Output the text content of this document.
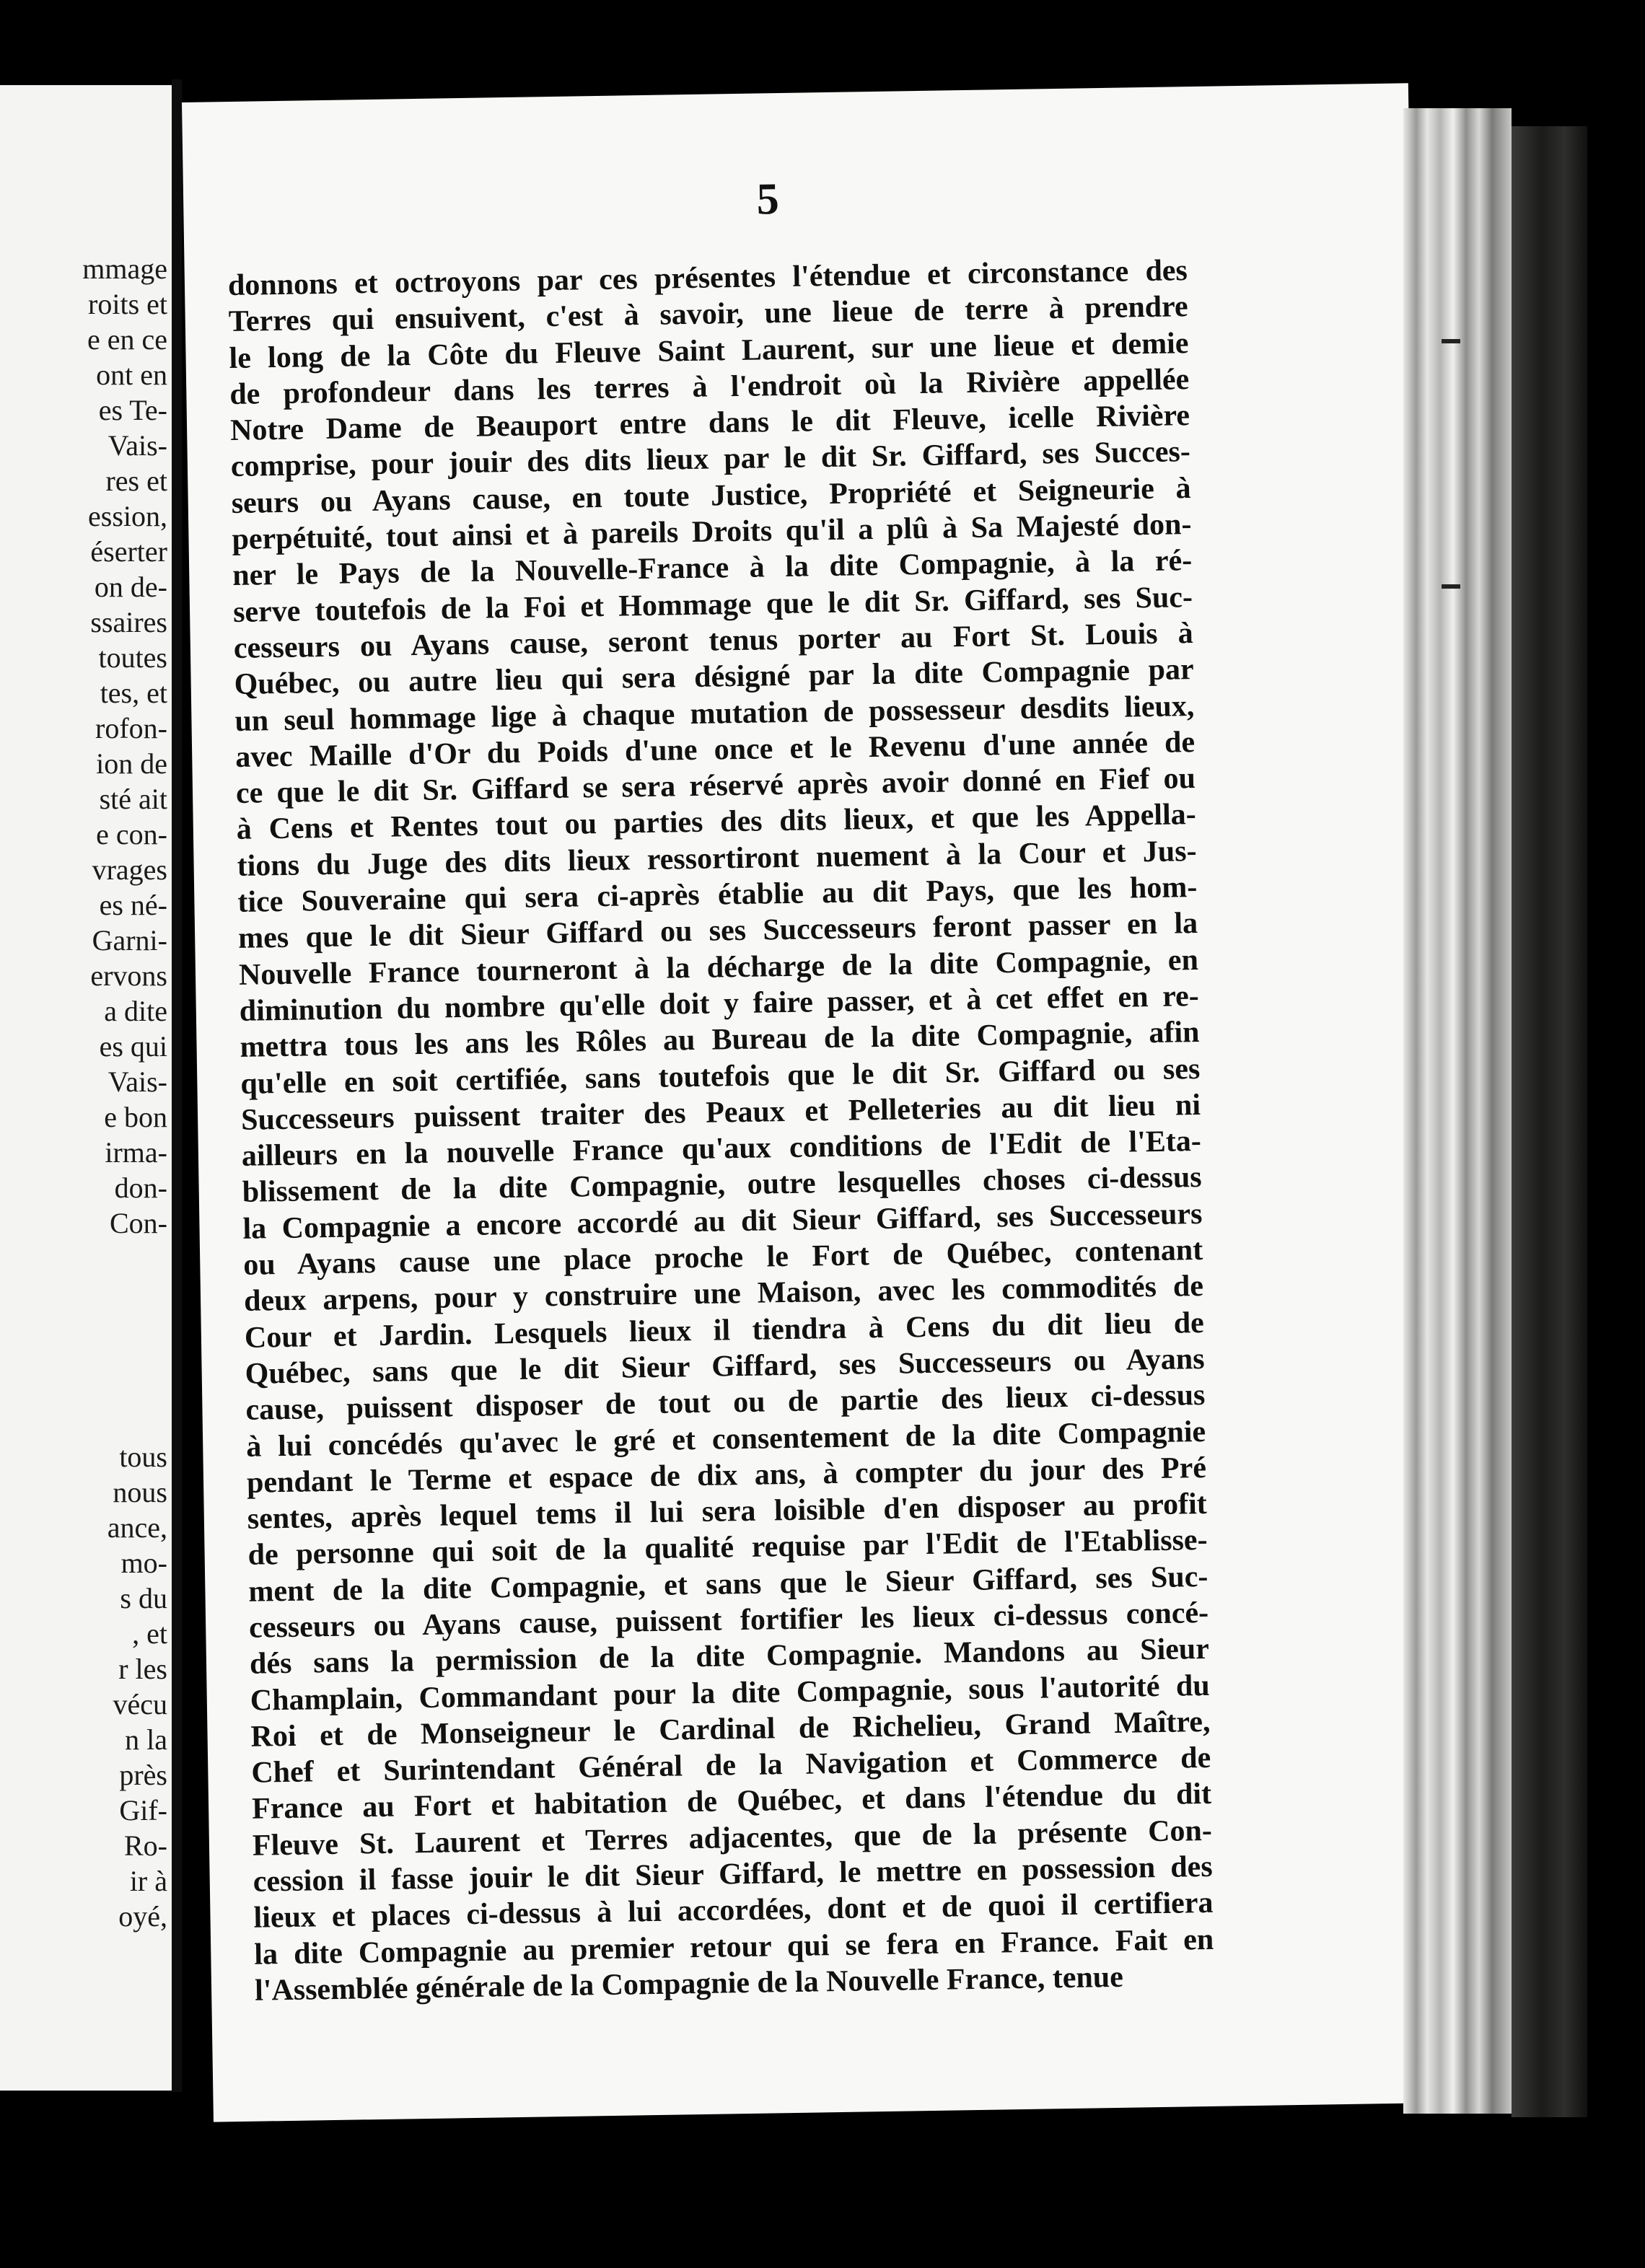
mmage
roits et
e en ce
ont en
es Te-
Vais-
res et
ession,
éserter
on de-
ssaires
toutes
tes, et
rofon-
ion de
sté ait
e con-
vrages
es né-
Garni-
ervons
a dite
es qui
Vais-
e bon
irma-
don-
Con-
tous
nous
ance,
mo-
s du
, et
r les
vécu
n la
près
Gif-
Ro-
ir à
oyé,
5
donnons et octroyons par ces présentes l'étendue et circonstance des
Terres qui ensuivent, c'est à savoir, une lieue de terre à prendre
le long de la Côte du Fleuve Saint Laurent, sur une lieue et demie
de profondeur dans les terres à l'endroit où la Rivière appellée
Notre Dame de Beauport entre dans le dit Fleuve, icelle Rivière
comprise, pour jouir des dits lieux par le dit Sr. Giffard, ses Succes-
seurs ou Ayans cause, en toute Justice, Propriété et Seigneurie à
perpétuité, tout ainsi et à pareils Droits qu'il a plû à Sa Majesté don-
ner le Pays de la Nouvelle-France à la dite Compagnie, à la ré-
serve toutefois de la Foi et Hommage que le dit Sr. Giffard, ses Suc-
cesseurs ou Ayans cause, seront tenus porter au Fort St. Louis à
Québec, ou autre lieu qui sera désigné par la dite Compagnie par
un seul hommage lige à chaque mutation de possesseur desdits lieux,
avec Maille d'Or du Poids d'une once et le Revenu d'une année de
ce que le dit Sr. Giffard se sera réservé après avoir donné en Fief ou
à Cens et Rentes tout ou parties des dits lieux, et que les Appella-
tions du Juge des dits lieux ressortiront nuement à la Cour et Jus-
tice Souveraine qui sera ci-après établie au dit Pays, que les hom-
mes que le dit Sieur Giffard ou ses Successeurs feront passer en la
Nouvelle France tourneront à la décharge de la dite Compagnie, en
diminution du nombre qu'elle doit y faire passer, et à cet effet en re-
mettra tous les ans les Rôles au Bureau de la dite Compagnie, afin
qu'elle en soit certifiée, sans toutefois que le dit Sr. Giffard ou ses
Successeurs puissent traiter des Peaux et Pelleteries au dit lieu ni
ailleurs en la nouvelle France qu'aux conditions de l'Edit de l'Eta-
blissement de la dite Compagnie, outre lesquelles choses ci-dessus
la Compagnie a encore accordé au dit Sieur Giffard, ses Successeurs
ou Ayans cause une place proche le Fort de Québec, contenant
deux arpens, pour y construire une Maison, avec les commodités de
Cour et Jardin. Lesquels lieux il tiendra à Cens du dit lieu de
Québec, sans que le dit Sieur Giffard, ses Successeurs ou Ayans
cause, puissent disposer de tout ou de partie des lieux ci-dessus
à lui concédés qu'avec le gré et consentement de la dite Compagnie
pendant le Terme et espace de dix ans, à compter du jour des Pré
sentes, après lequel tems il lui sera loisible d'en disposer au profit
de personne qui soit de la qualité requise par l'Edit de l'Etablisse-
ment de la dite Compagnie, et sans que le Sieur Giffard, ses Suc-
cesseurs ou Ayans cause, puissent fortifier les lieux ci-dessus concé-
dés sans la permission de la dite Compagnie. Mandons au Sieur
Champlain, Commandant pour la dite Compagnie, sous l'autorité du
Roi et de Monseigneur le Cardinal de Richelieu, Grand Maître,
Chef et Surintendant Général de la Navigation et Commerce de
France au Fort et habitation de Québec, et dans l'étendue du dit
Fleuve St. Laurent et Terres adjacentes, que de la présente Con-
cession il fasse jouir le dit Sieur Giffard, le mettre en possession des
lieux et places ci-dessus à lui accordées, dont et de quoi il certifiera
la dite Compagnie au premier retour qui se fera en France. Fait en
l'Assemblée générale de la Compagnie de la Nouvelle France, tenue
